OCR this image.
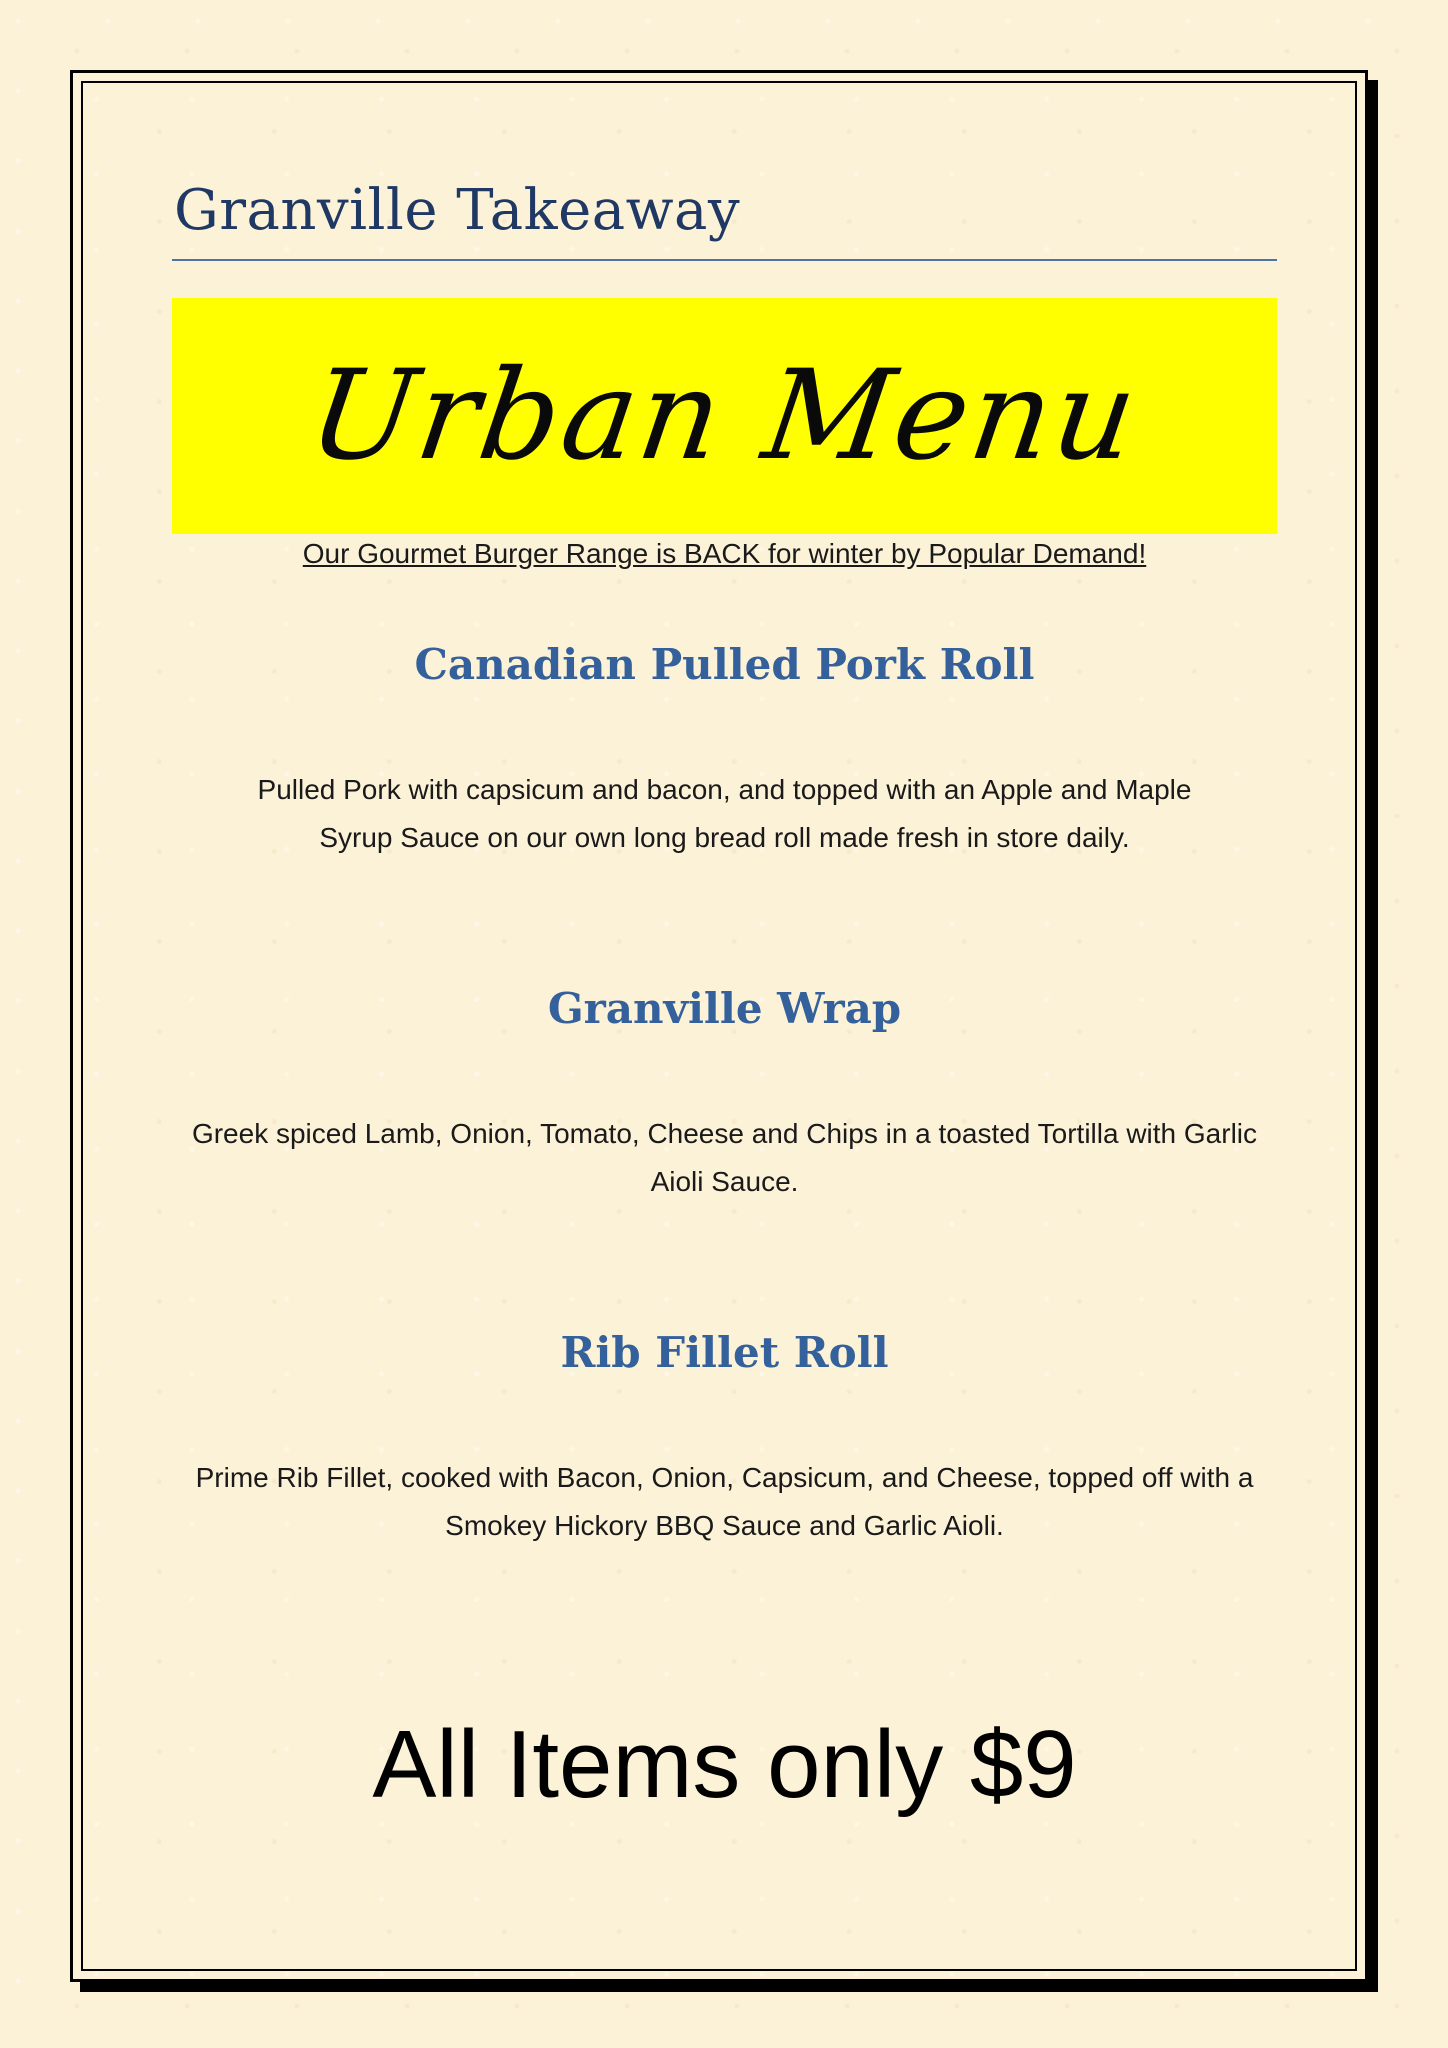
Granville Takeaway
Urban Menu
Our Gourmet Burger Range is BACK for winter by Popular Demand!
Canadian Pulled Pork Roll
Pulled Pork with capsicum and bacon, and topped with an Apple and Maple Syrup Sauce on our own long bread roll made fresh in store daily.
Granville Wrap
Greek spiced Lamb, Onion, Tomato, Cheese and Chips in a toasted Tortilla with Garlic Aioli Sauce.
Rib Fillet Roll
Prime Rib Fillet, cooked with Bacon, Onion, Capsicum, and Cheese, topped off with a Smokey Hickory BBQ Sauce and Garlic Aioli.
All Items only $9
